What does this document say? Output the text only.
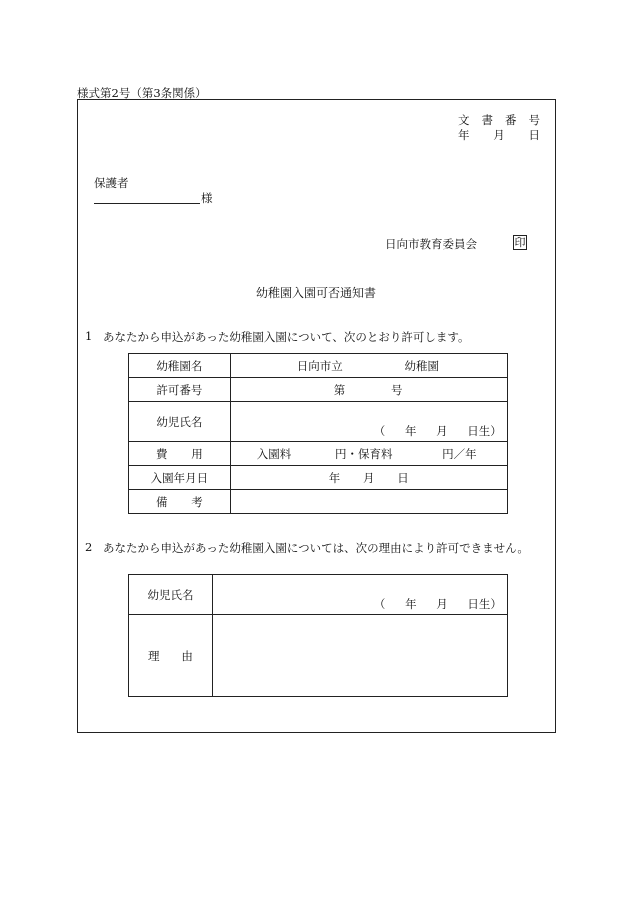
様式第2号（第3条関係）
文 書 番 号
年 月 日
保護者
様
日向市教育委員会	印
幼稚園入園可否通知書
1 あなたから申込があった幼稚園入園について、次のとおり許可します。
幼稚園名	日向市立 幼稚園
許可番号	第 号
幼児氏名	（ 年 月 日生）

費 用	入園料 円・保育料 円／年
入園年月日	年 月 日

備 考	

2 あなたから申込があった幼稚園入園については、次の理由により許可できません。
幼児氏名	（ 年 月 日生）

理 由	
